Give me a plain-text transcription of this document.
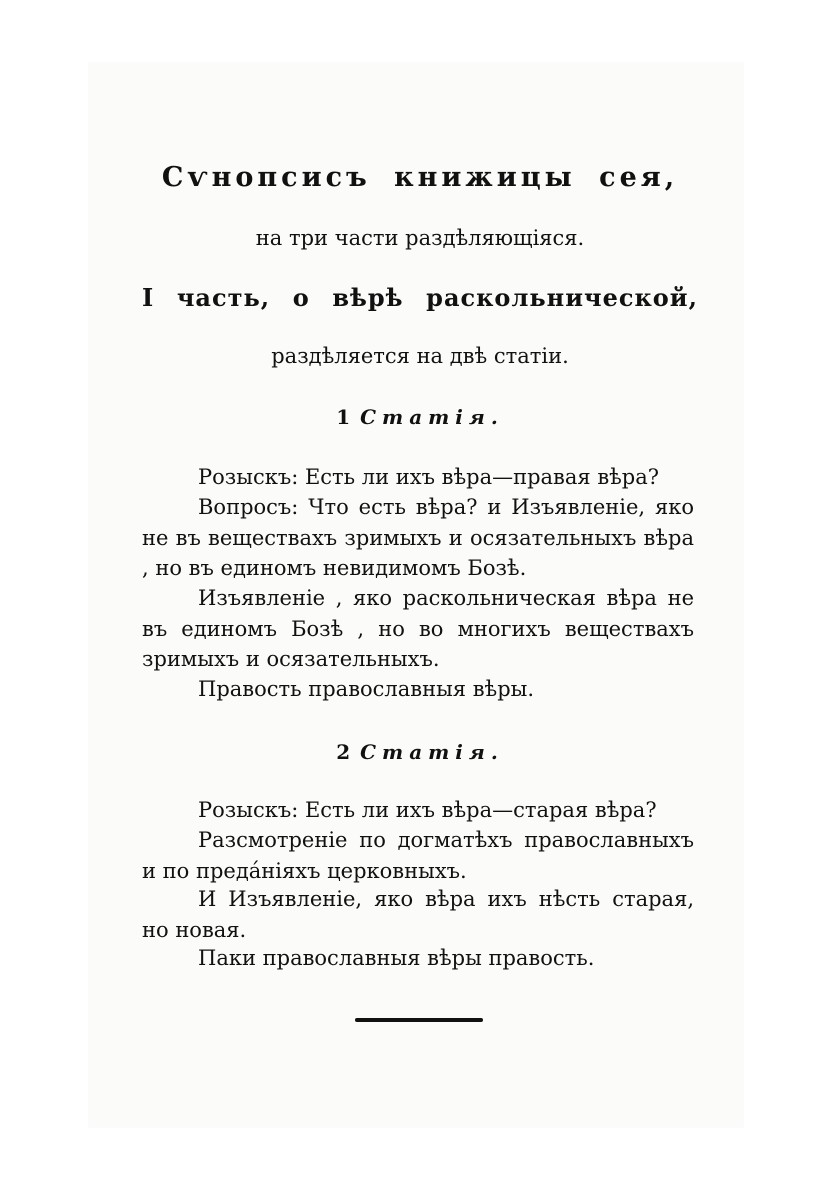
Сѵнопсисъ книжицы сея,
на три части раздѣляющіяся.
I часть, о вѣрѣ раскольнической,
раздѣляется на двѣ статіи.
1 Статія.

Розыскъ: Есть ли ихъ вѣра—правая вѣра?

Вопросъ: Что есть вѣра? и Изъявленіе, яко не въ веществахъ зримыхъ и осязательныхъ вѣра , но въ единомъ невидимомъ Бозѣ.

Изъявленіе , яко раскольническая вѣра не въ единомъ Бозѣ , но во многихъ веществахъ зримыхъ и осязательныхъ.

Правость православныя вѣры.

2 Статія.

Розыскъ: Есть ли ихъ вѣра—старая вѣра?

Разсмотреніе по догматѣхъ православныхъ и по преда́ніяхъ церковныхъ.

И Изъявленіе, яко вѣра ихъ нѣсть старая, но новая.

Паки православныя вѣры правость.
